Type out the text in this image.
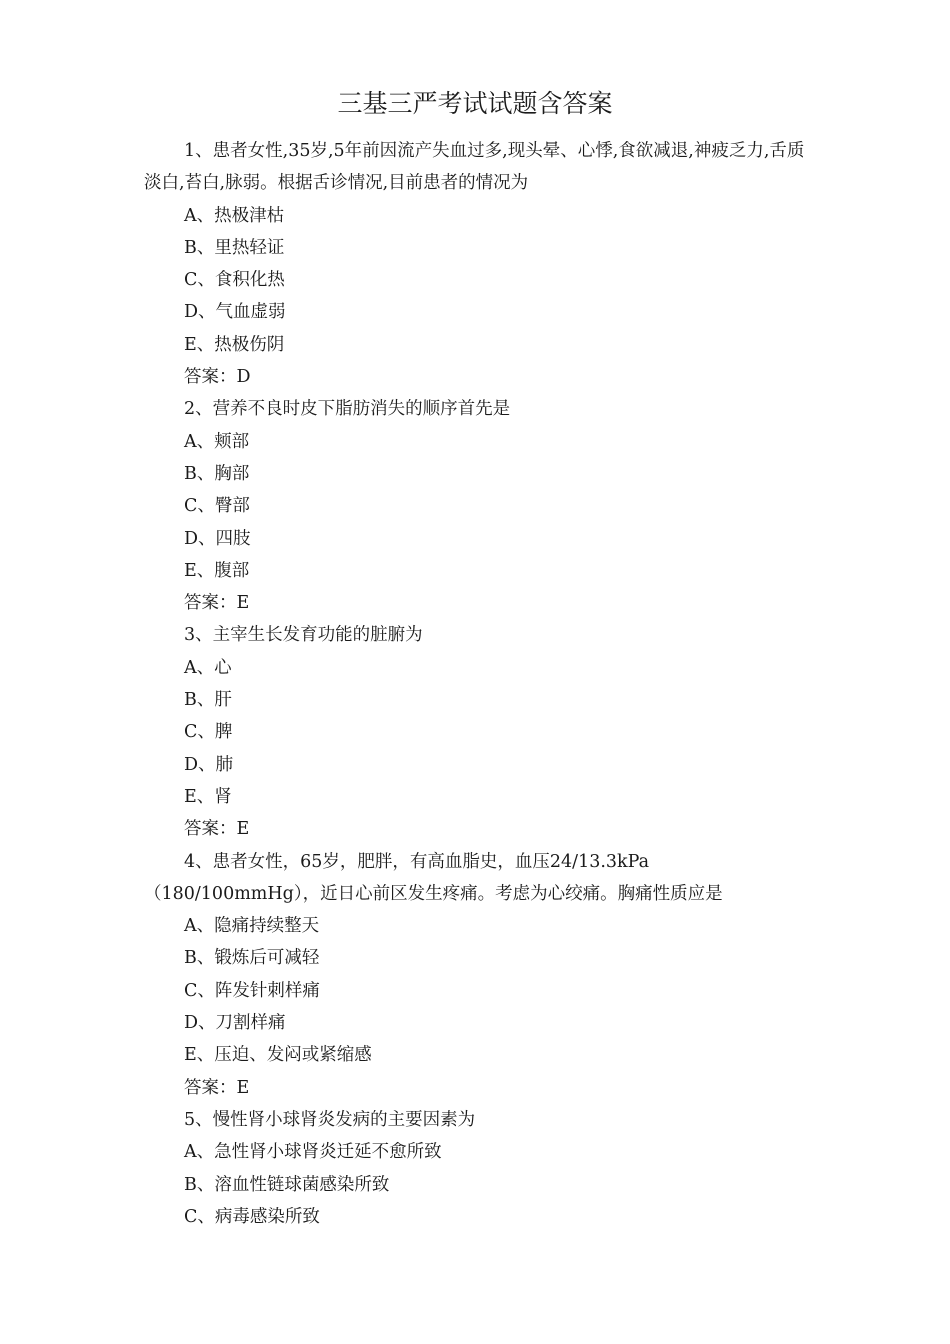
三基三严考试试题含答案
1、患者女性,35岁,5年前因流产失血过多,现头晕、心悸,食欲减退,神疲乏力,舌质淡白,苔白,脉弱。根据舌诊情况,目前患者的情况为
A、热极津枯
B、里热轻证
C、食积化热
D、气血虚弱
E、热极伤阴
答案：D
2、营养不良时皮下脂肪消失的顺序首先是
A、颊部
B、胸部
C、臀部
D、四肢
E、腹部
答案：E
3、主宰生长发育功能的脏腑为
A、心
B、肝
C、脾
D、肺
E、肾
答案：E
4、患者女性，65岁，肥胖，有高血脂史，血压24/13.3kPa（180/100mmHg），近日心前区发生疼痛。考虑为心绞痛。胸痛性质应是
A、隐痛持续整天
B、锻炼后可减轻
C、阵发针刺样痛
D、刀割样痛
E、压迫、发闷或紧缩感
答案：E
5、慢性肾小球肾炎发病的主要因素为
A、急性肾小球肾炎迁延不愈所致
B、溶血性链球菌感染所致
C、病毒感染所致
